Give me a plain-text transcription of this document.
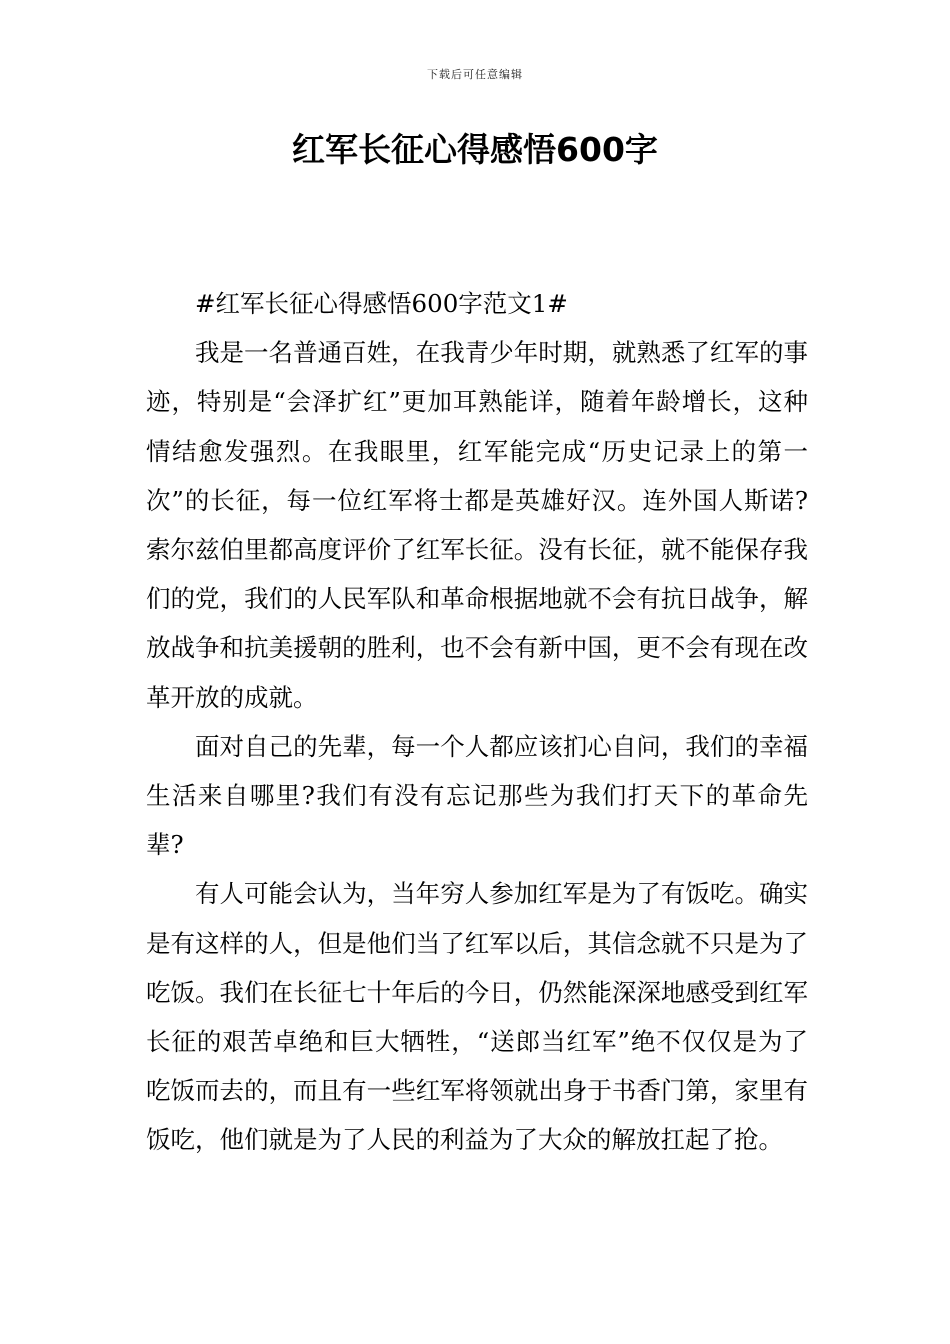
下载后可任意编辑
红军长征心得感悟600字

#红军长征心得感悟600字范文1#

我是一名普通百姓，在我青少年时期，就熟悉了红军的事迹，特别是“会泽扩红”更加耳熟能详，随着年龄增长，这种情结愈发强烈。在我眼里，红军能完成“历史记录上的第一次”的长征，每一位红军将士都是英雄好汉。连外国人斯诺?索尔兹伯里都高度评价了红军长征。没有长征，就不能保存我们的党，我们的人民军队和革命根据地就不会有抗日战争，解放战争和抗美援朝的胜利，也不会有新中国，更不会有现在改革开放的成就。

面对自己的先辈，每一个人都应该扪心自问，我们的幸福生活来自哪里?我们有没有忘记那些为我们打天下的革命先辈?

有人可能会认为，当年穷人参加红军是为了有饭吃。确实是有这样的人，但是他们当了红军以后，其信念就不只是为了吃饭。我们在长征七十年后的今日，仍然能深深地感受到红军长征的艰苦卓绝和巨大牺牲，“送郎当红军”绝不仅仅是为了吃饭而去的，而且有一些红军将领就出身于书香门第，家里有饭吃，他们就是为了人民的利益为了大众的解放扛起了抢。
